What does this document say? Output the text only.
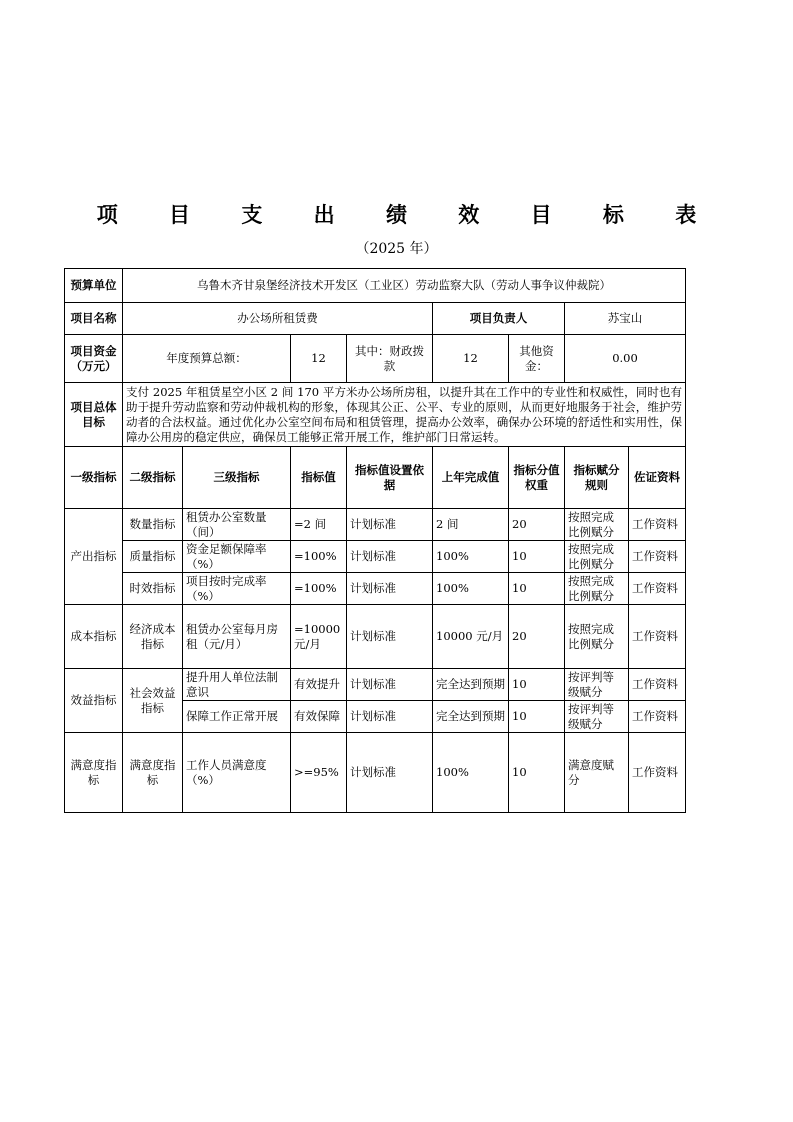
项 目 支 出 绩 效 目 标 表
（2025 年）
预算单位	乌鲁木齐甘泉堡经济技术开发区（工业区）劳动监察大队（劳动人事争议仲裁院）							
项目名称	办公场所租赁费				项目负责人		苏宝山	
项目资金（万元）	年度预算总额：		12	其中：财政拨款	12	其他资金：	0.00	
项目总体目标	支付 2025 年租赁星空小区 2 间 170 平方米办公场所房租，以提升其在工作中的专业性和权威性，同时也有助于提升劳动监察和劳动仲裁机构的形象，体现其公正、公平、专业的原则，从而更好地服务于社会，维护劳动者的合法权益。通过优化办公室空间布局和租赁管理，提高办公效率，确保办公环境的舒适性和实用性，保障办公用房的稳定供应，确保员工能够正常开展工作，维护部门日常运转。							
一级指标	二级指标	三级指标	指标值	指标值设置依据	上年完成值	指标分值权重	指标赋分规则	佐证资料
产出指标	数量指标	租赁办公室数量（间）	=2 间	计划标准	2 间	20	按照完成比例赋分	工作资料
	质量指标	资金足额保障率（%）	=100%	计划标准	100%	10	按照完成比例赋分	工作资料
	时效指标	项目按时完成率（%）	=100%	计划标准	100%	10	按照完成比例赋分	工作资料
成本指标	经济成本指标	租赁办公室每月房租（元/月）	=10000 元/月	计划标准	10000 元/月	20	按照完成比例赋分	工作资料
效益指标	社会效益指标	提升用人单位法制意识	有效提升	计划标准	完全达到预期	10	按评判等级赋分	工作资料
		保障工作正常开展	有效保障	计划标准	完全达到预期	10	按评判等级赋分	工作资料
满意度指标	满意度指标	工作人员满意度（%）	>=95%	计划标准	100%	10	满意度赋分	工作资料
